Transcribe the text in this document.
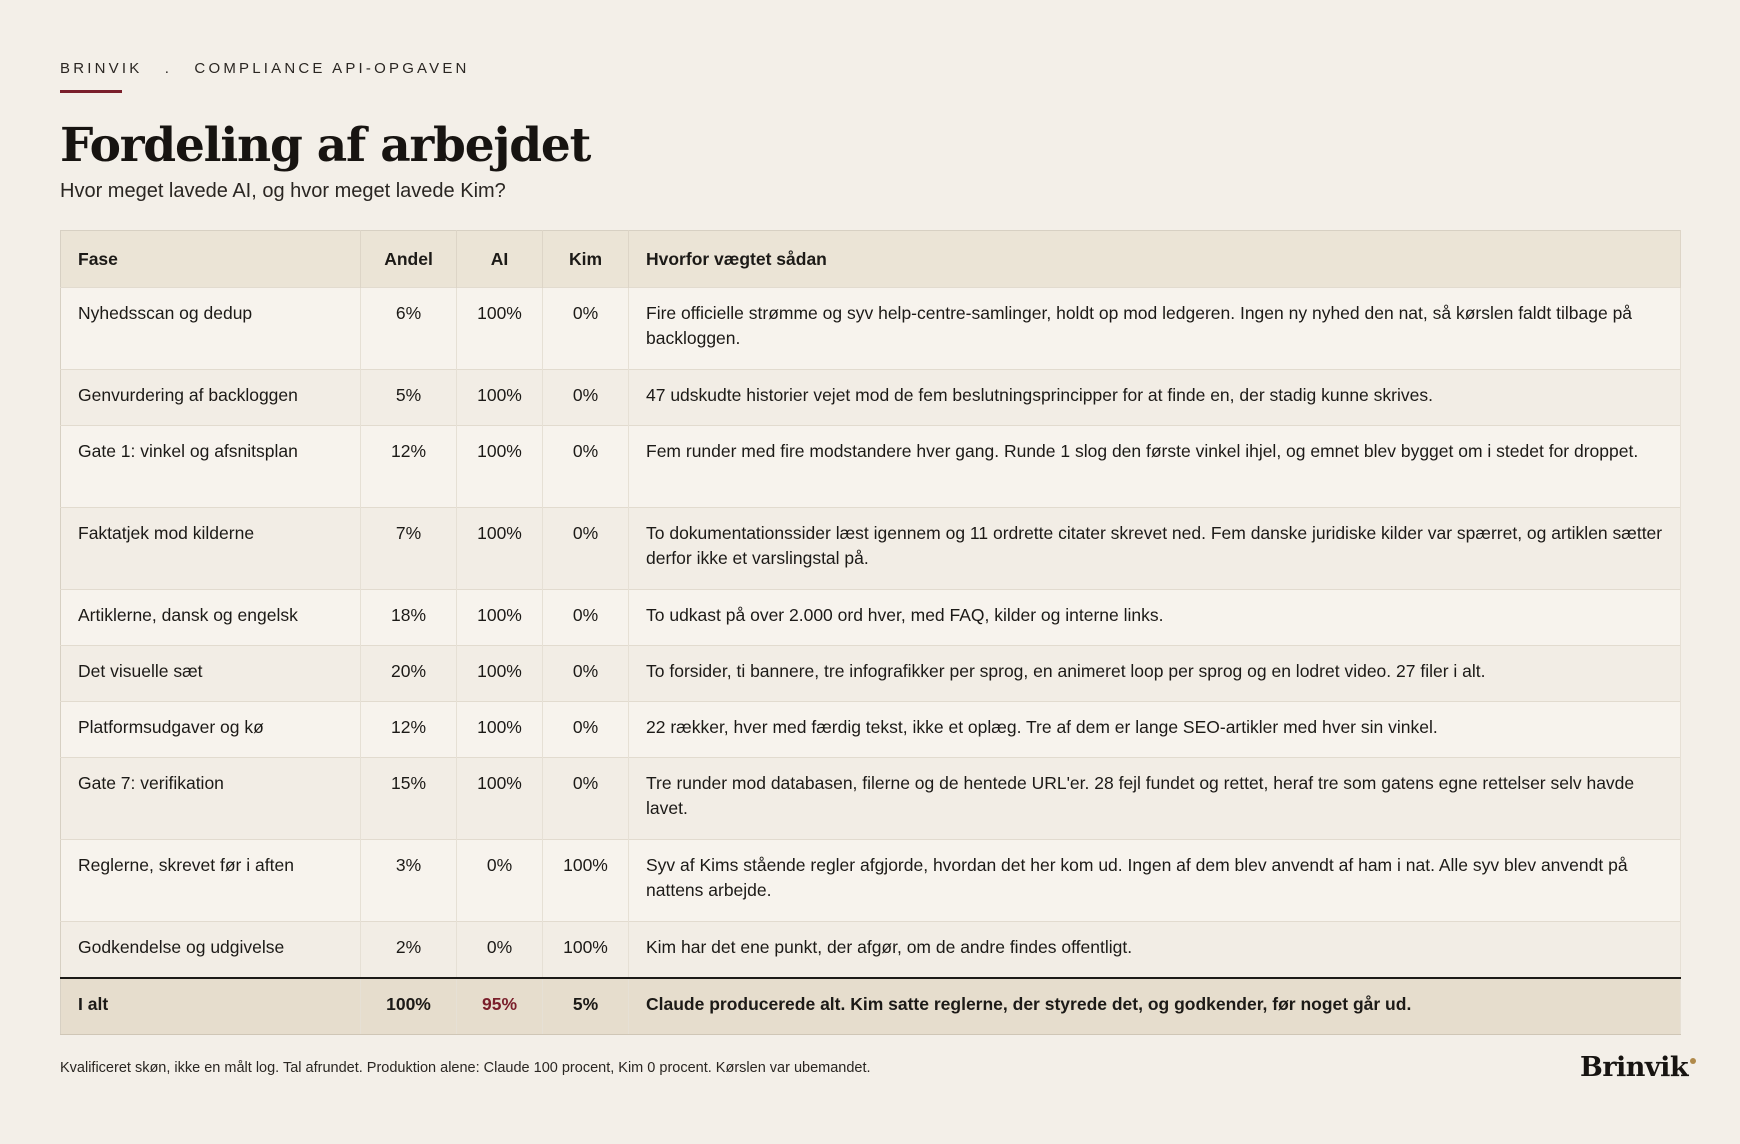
BRINVIK . COMPLIANCE API-OPGAVEN
Fordeling af arbejdet

Hvor meget lavede AI, og hvor meget lavede Kim?

Fase	Andel	AI	Kim	Hvorfor vægtet sådan
Nyhedsscan og dedup	6%	100%	0%	Fire officielle strømme og syv help-centre-samlinger, holdt op mod ledgeren. Ingen ny nyhed den nat, så kørslen faldt tilbage på backloggen.
Genvurdering af backloggen	5%	100%	0%	47 udskudte historier vejet mod de fem beslutningsprincipper for at finde en, der stadig kunne skrives.
Gate 1: vinkel og afsnitsplan	12%	100%	0%	Fem runder med fire modstandere hver gang. Runde 1 slog den første vinkel ihjel, og emnet blev bygget om i stedet for droppet.
Faktatjek mod kilderne	7%	100%	0%	To dokumentationssider læst igennem og 11 ordrette citater skrevet ned. Fem danske juridiske kilder var spærret, og artiklen sætter derfor ikke et varslingstal på.
Artiklerne, dansk og engelsk	18%	100%	0%	To udkast på over 2.000 ord hver, med FAQ, kilder og interne links.
Det visuelle sæt	20%	100%	0%	To forsider, ti bannere, tre infografikker per sprog, en animeret loop per sprog og en lodret video. 27 filer i alt.
Platformsudgaver og kø	12%	100%	0%	22 rækker, hver med færdig tekst, ikke et oplæg. Tre af dem er lange SEO-artikler med hver sin vinkel.
Gate 7: verifikation	15%	100%	0%	Tre runder mod databasen, filerne og de hentede URL'er. 28 fejl fundet og rettet, heraf tre som gatens egne rettelser selv havde lavet.
Reglerne, skrevet før i aften	3%	0%	100%	Syv af Kims stående regler afgjorde, hvordan det her kom ud. Ingen af dem blev anvendt af ham i nat. Alle syv blev anvendt på nattens arbejde.
Godkendelse og udgivelse	2%	0%	100%	Kim har det ene punkt, der afgør, om de andre findes offentligt.
I alt	100%	95%	5%	Claude producerede alt. Kim satte reglerne, der styrede det, og godkender, før noget går ud.
Kvalificeret skøn, ikke en målt log. Tal afrundet. Produktion alene: Claude 100 procent, Kim 0 procent. Kørslen var ubemandet.	Brinvik
